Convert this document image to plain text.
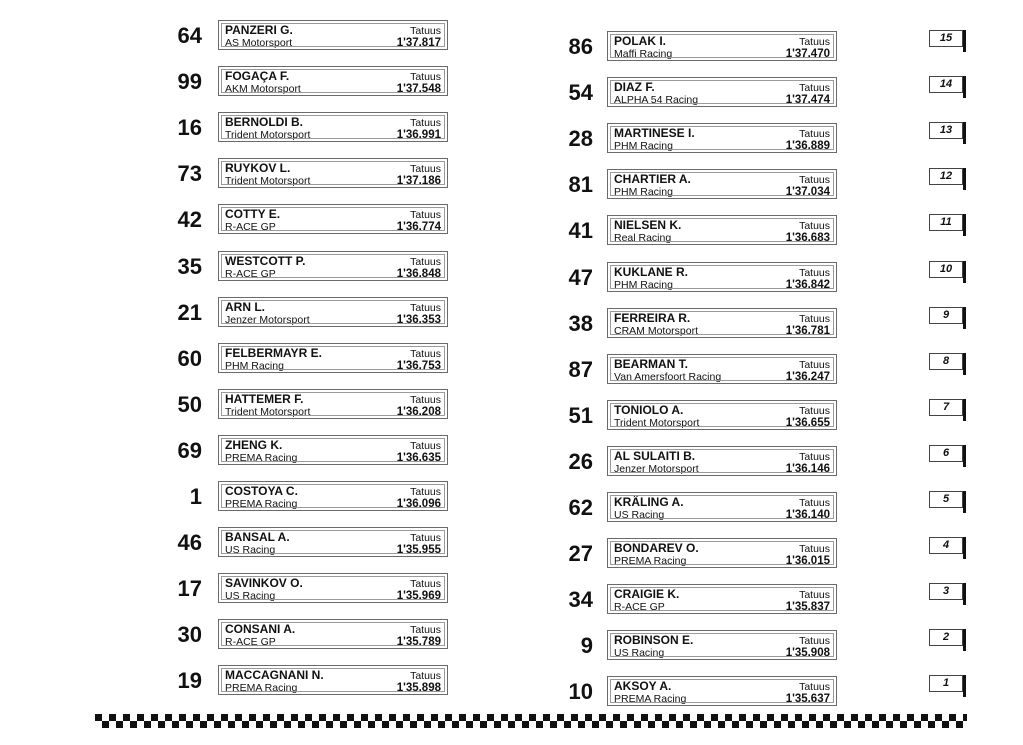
64 PANZERI G.
AS Motorsport
Tatuus
1'37.817
99 FOGAÇA F.
AKM Motorsport
Tatuus
1'37.548
16 BERNOLDI B.
Trident Motorsport
Tatuus
1'36.991
73 RUYKOV L.
Trident Motorsport
Tatuus
1'37.186
42 COTTY E.
R-ACE GP
Tatuus
1'36.774
35 WESTCOTT P.
R-ACE GP
Tatuus
1'36.848
21 ARN L.
Jenzer Motorsport
Tatuus
1'36.353
60 FELBERMAYR E.
PHM Racing
Tatuus
1'36.753
50 HATTEMER F.
Trident Motorsport
Tatuus
1'36.208
69 ZHENG K.
PREMA Racing
Tatuus
1'36.635
1 COSTOYA C.
PREMA Racing
Tatuus
1'36.096
46 BANSAL A.
US Racing
Tatuus
1'35.955
17 SAVINKOV O.
US Racing
Tatuus
1'35.969
30 CONSANI A.
R-ACE GP
Tatuus
1'35.789
19 MACCAGNANI N.
PREMA Racing
Tatuus
1'35.898
86 POLAK I.
Maffi Racing
Tatuus
1'37.470
54 DIAZ F.
ALPHA 54 Racing
Tatuus
1'37.474
28 MARTINESE I.
PHM Racing
Tatuus
1'36.889
81 CHARTIER A.
PHM Racing
Tatuus
1'37.034
41 NIELSEN K.
Real Racing
Tatuus
1'36.683
47 KUKLANE R.
PHM Racing
Tatuus
1'36.842
38 FERREIRA R.
CRAM Motorsport
Tatuus
1'36.781
87 BEARMAN T.
Van Amersfoort Racing
Tatuus
1'36.247
51 TONIOLO A.
Trident Motorsport
Tatuus
1'36.655
26 AL SULAITI B.
Jenzer Motorsport
Tatuus
1'36.146
62 KRÄLING A.
US Racing
Tatuus
1'36.140
27 BONDAREV O.
PREMA Racing
Tatuus
1'36.015
34 CRAIGIE K.
R-ACE GP
Tatuus
1'35.837
9 ROBINSON E.
US Racing
Tatuus
1'35.908
10 AKSOY A.
PREMA Racing
Tatuus
1'35.637
15
14
13
12
11
10
9
8
7
6
5
4
3
2
1
